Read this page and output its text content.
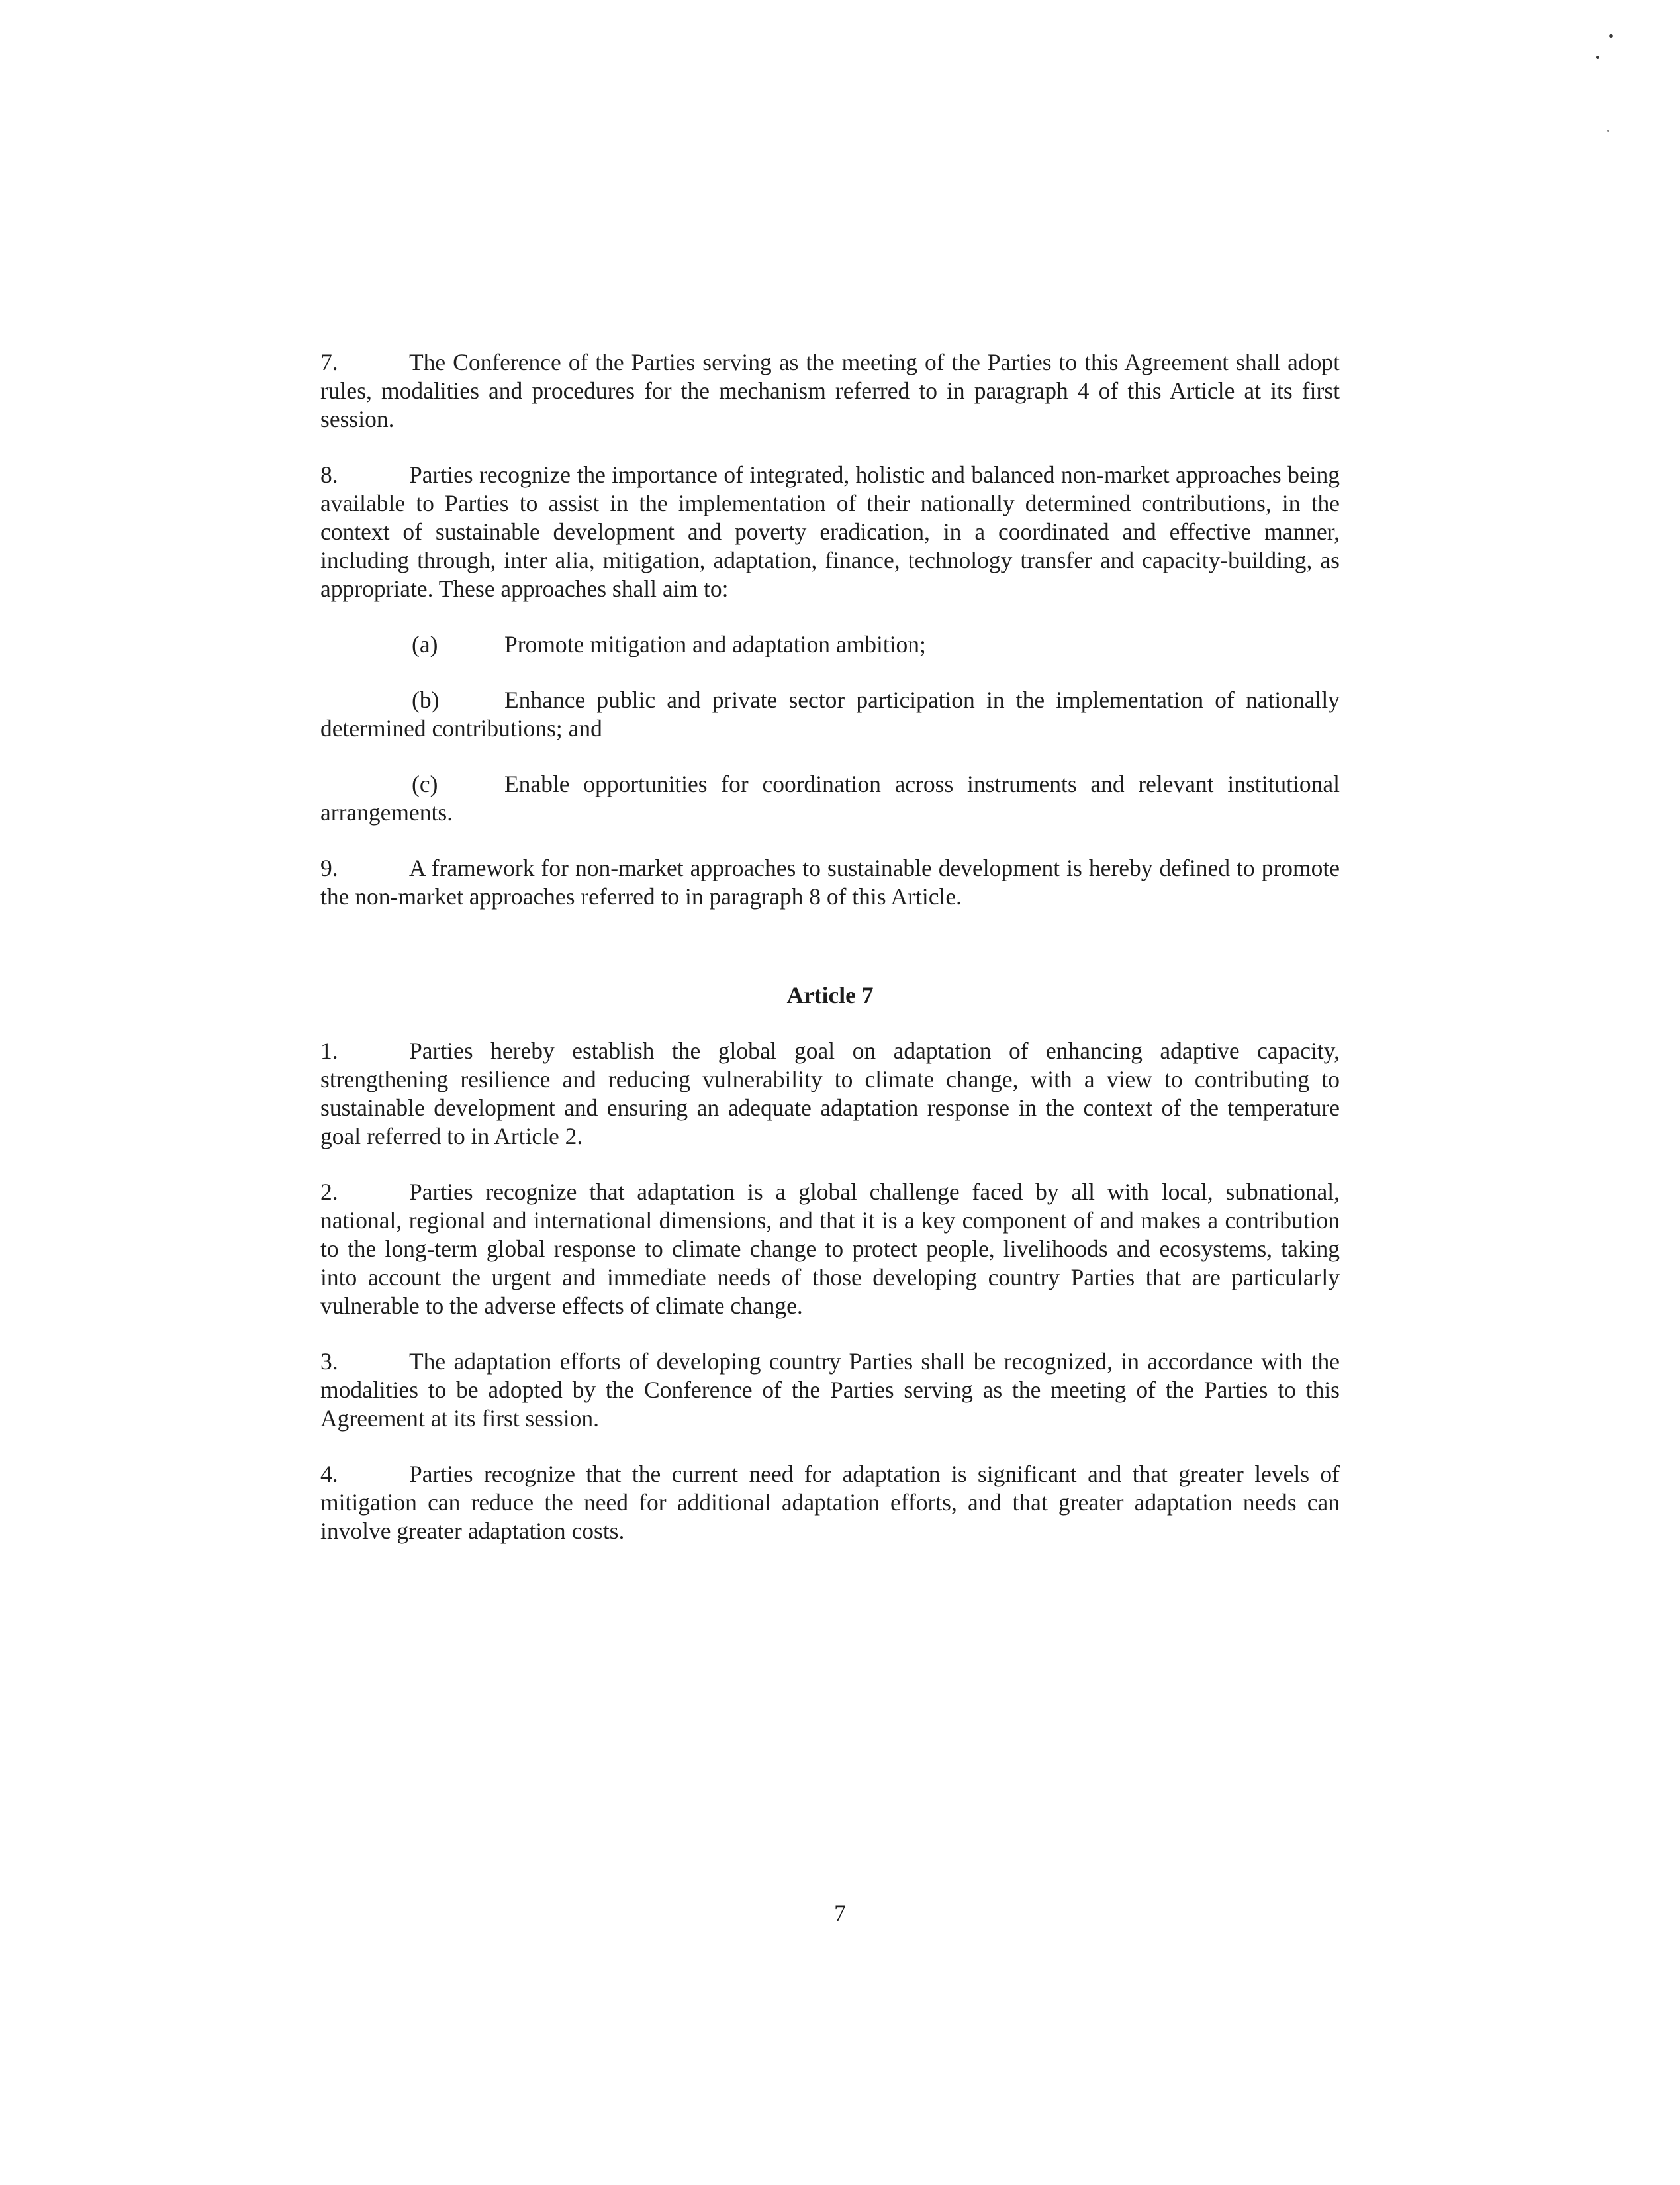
7.	The Conference of the Parties serving as the meeting of the Parties to this Agreement shall adopt rules, modalities and procedures for the mechanism referred to in paragraph 4 of this Article at its first session.

8.	Parties recognize the importance of integrated, holistic and balanced non-market approaches being available to Parties to assist in the implementation of their nationally determined contributions, in the context of sustainable development and poverty eradication, in a coordinated and effective manner, including through, inter alia, mitigation, adaptation, finance, technology transfer and capacity-building, as appropriate. These approaches shall aim to:

(a)	Promote mitigation and adaptation ambition;

(b)	Enhance public and private sector participation in the implementation of nationally determined contributions; and

(c)	Enable opportunities for coordination across instruments and relevant institutional arrangements.

9.	A framework for non-market approaches to sustainable development is hereby defined to promote the non-market approaches referred to in paragraph 8 of this Article.

Article 7

1.	Parties hereby establish the global goal on adaptation of enhancing adaptive capacity, strengthening resilience and reducing vulnerability to climate change, with a view to contributing to sustainable development and ensuring an adequate adaptation response in the context of the temperature goal referred to in Article 2.

2.	Parties recognize that adaptation is a global challenge faced by all with local, subnational, national, regional and international dimensions, and that it is a key component of and makes a contribution to the long-term global response to climate change to protect people, livelihoods and ecosystems, taking into account the urgent and immediate needs of those developing country Parties that are particularly vulnerable to the adverse effects of climate change.

3.	The adaptation efforts of developing country Parties shall be recognized, in accordance with the modalities to be adopted by the Conference of the Parties serving as the meeting of the Parties to this Agreement at its first session.

4.	Parties recognize that the current need for adaptation is significant and that greater levels of mitigation can reduce the need for additional adaptation efforts, and that greater adaptation needs can involve greater adaptation costs.

7
